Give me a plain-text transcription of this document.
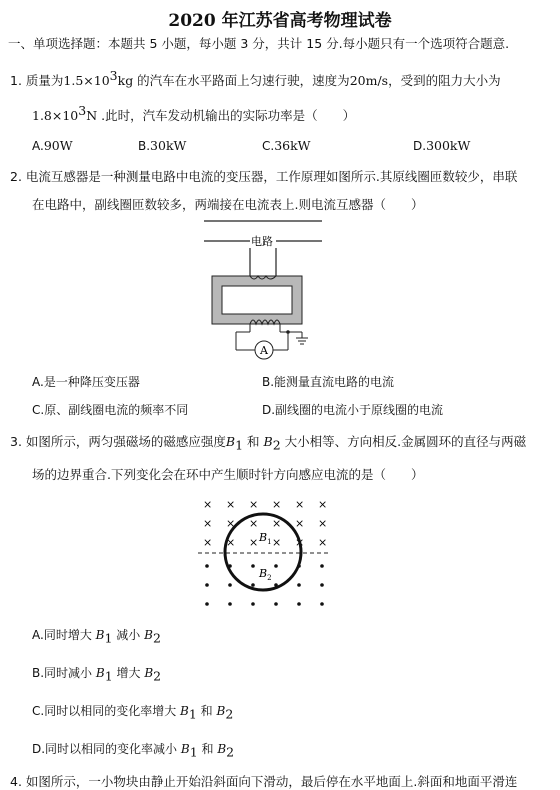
2020 年江苏省高考物理试卷
一、单项选择题：本题共 5 小题，每小题 3 分，共计 15 分.每小题只有一个选项符合题意.
1. 质量为$1.5\times 10^3kg$ 的汽车在水平路面上匀速行驶，速度为20m/s，受到的阻力大小为
$1.8\times 10^3N$ .此时，汽车发动机输出的实际功率是（　　）
A.90W	B.30kW	C.36kW	D.300kW
2. 电流互感器是一种测量电路中电流的变压器，工作原理如图所示.其原线圈匝数较少，串联
在电路中，副线圈匝数较多，两端接在电流表上.则电流互感器（　　）
电路
A
A.是一种降压变压器	B.能测量直流电路的电流
C.原、副线圈电流的频率不同	D.副线圈的电流小于原线圈的电流
3. 如图所示，两匀强磁场的磁感应强度$B_1$ 和 $B_2$ 大小相等、方向相反.金属圆环的直径与两磁
场的边界重合.下列变化会在环中产生顺时针方向感应电流的是（　　）
× × × × × ×
× × × × × ×
× × × × × ×
$B_1$
$B_2$
A.同时增大 $B_1$ 减小 $B_2$
B.同时减小 $B_1$ 增大 $B_2$
C.同时以相同的变化率增大 $B_1$ 和 $B_2$
D.同时以相同的变化率减小 $B_1$ 和 $B_2$
4. 如图所示，一小物块由静止开始沿斜面向下滑动，最后停在水平地面上.斜面和地面平滑连
